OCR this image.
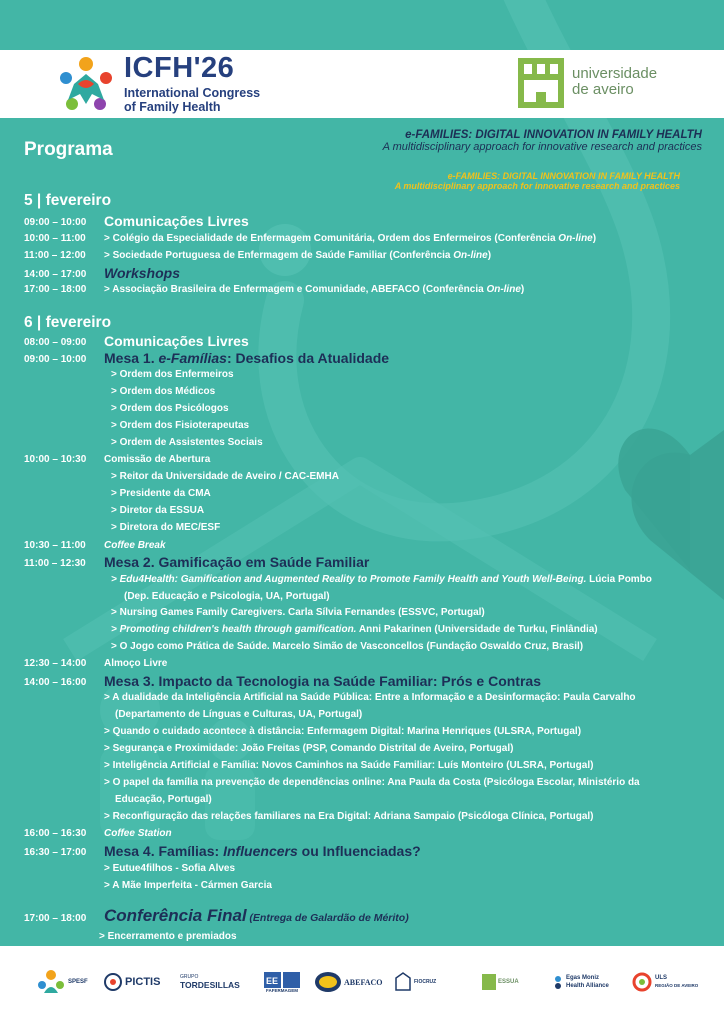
ICFH'26
International Congress
of Family Health
universidade
de aveiro
Programa
e-FAMILIES: DIGITAL INNOVATION IN FAMILY HEALTH
A multidisciplinary approach for innovative research and practices
e-FAMILIES: DIGITAL INNOVATION IN FAMILY HEALTH
A multidisciplinary approach for innovative research and practices
5 | fevereiro
09:00 – 10:00	Comunicações Livres
10:00 – 11:00	> Colégio da Especialidade de Enfermagem Comunitária, Ordem dos Enfermeiros (Conferência On-line)
11:00 – 12:00	> Sociedade Portuguesa de Enfermagem de Saúde Familiar (Conferência On-line)
14:00 – 17:00	Workshops
17:00 – 18:00	> Associação Brasileira de Enfermagem e Comunidade, ABEFACO (Conferência On-line)
6 | fevereiro
08:00 – 09:00	Comunicações Livres
09:00 – 10:00	Mesa 1. e-Famílias: Desafios da Atualidade
> Ordem dos Enfermeiros
> Ordem dos Médicos
> Ordem dos Psicólogos
> Ordem dos Fisioterapeutas
> Ordem de Assistentes Sociais
10:00 – 10:30	Comissão de Abertura
> Reitor da Universidade de Aveiro / CAC-EMHA
> Presidente da CMA
> Diretor da ESSUA
> Diretora do MEC/ESF
10:30 – 11:00	Coffee Break
11:00 – 12:30	Mesa 2. Gamificação em Saúde Familiar
> Edu4Health: Gamification and Augmented Reality to Promote Family Health and Youth Well-Being. Lúcia Pombo
(Dep. Educação e Psicologia, UA, Portugal)
> Nursing Games Family Caregivers. Carla Sílvia Fernandes (ESSVC, Portugal)
> Promoting children's health through gamification. Anni Pakarinen (Universidade de Turku, Finlândia)
> O Jogo como Prática de Saúde. Marcelo Simão de Vasconcellos (Fundação Oswaldo Cruz, Brasil)
12:30 – 14:00	Almoço Livre
14:00 – 16:00	Mesa 3. Impacto da Tecnologia na Saúde Familiar: Prós e Contras
> A dualidade da Inteligência Artificial na Saúde Pública: Entre a Informação e a Desinformação: Paula Carvalho
(Departamento de Línguas e Culturas, UA, Portugal)
> Quando o cuidado acontece à distância: Enfermagem Digital: Marina Henriques (ULSRA, Portugal)
> Segurança e Proximidade: João Freitas (PSP, Comando Distrital de Aveiro, Portugal)
> Inteligência Artificial e Família: Novos Caminhos na Saúde Familiar: Luís Monteiro (ULSRA, Portugal)
> O papel da família na prevenção de dependências online: Ana Paula da Costa (Psicóloga Escolar, Ministério da
Educação, Portugal)
> Reconfiguração das relações familiares na Era Digital: Adriana Sampaio (Psicóloga Clínica, Portugal)
16:00 – 16:30	Coffee Station
16:30 – 17:00	Mesa 4. Famílias: Influencers ou Influenciadas?
> Eutue4filhos - Sofia Alves
> A Mãe Imperfeita - Cármen Garcia
17:00 – 18:00	Conferência Final (Entrega de Galardão de Mérito)
> Encerramento e premiados
SPESF	PICTIS	GRUPO
TORDESILLAS	EE
FAFERMAGEM
ABEFACO	FIOCRUZ	ESSUA
Egas Moniz
Health Alliance
ULS
REGIÃO DE AVEIRO
